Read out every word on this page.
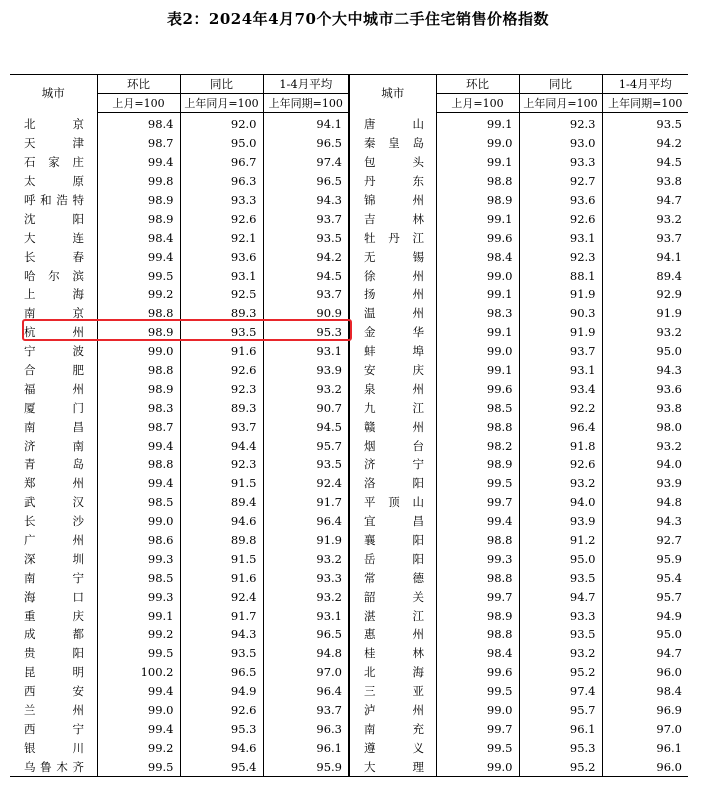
表2：2024年4月70个大中城市二手住宅销售价格指数
城市	环比	同比	1-4月平均	城市	环比	同比	1-4月平均
	上月=100	上年同月=100	上年同期=100		上月=100	上年同月=100	上年同期=100
北京	98.4	92.0	94.1	唐山	99.1	92.3	93.5
天津	98.7	95.0	96.5	秦皇岛	99.0	93.0	94.2
石家庄	99.4	96.7	97.4	包头	99.1	93.3	94.5
太原	99.8	96.3	96.5	丹东	98.8	92.7	93.8
呼和浩特	98.9	93.3	94.3	锦州	98.9	93.6	94.7
沈阳	98.9	92.6	93.7	吉林	99.1	92.6	93.2
大连	98.4	92.1	93.5	牡丹江	99.6	93.1	93.7
长春	99.4	93.6	94.2	无锡	98.4	92.3	94.1
哈尔滨	99.5	93.1	94.5	徐州	99.0	88.1	89.4
上海	99.2	92.5	93.7	扬州	99.1	91.9	92.9
南京	98.8	89.3	90.9	温州	98.3	90.3	91.9
杭州	98.9	93.5	95.3	金华	99.1	91.9	93.2
宁波	99.0	91.6	93.1	蚌埠	99.0	93.7	95.0
合肥	98.8	92.6	93.9	安庆	99.1	93.1	94.3
福州	98.9	92.3	93.2	泉州	99.6	93.4	93.6
厦门	98.3	89.3	90.7	九江	98.5	92.2	93.8
南昌	98.7	93.7	94.5	赣州	98.8	96.4	98.0
济南	99.4	94.4	95.7	烟台	98.2	91.8	93.2
青岛	98.8	92.3	93.5	济宁	98.9	92.6	94.0
郑州	99.4	91.5	92.4	洛阳	99.5	93.2	93.9
武汉	98.5	89.4	91.7	平顶山	99.7	94.0	94.8
长沙	99.0	94.6	96.4	宜昌	99.4	93.9	94.3
广州	98.6	89.8	91.9	襄阳	98.8	91.2	92.7
深圳	99.3	91.5	93.2	岳阳	99.3	95.0	95.9
南宁	98.5	91.6	93.3	常德	98.8	93.5	95.4
海口	99.3	92.4	93.2	韶关	99.7	94.7	95.7
重庆	99.1	91.7	93.1	湛江	98.9	93.3	94.9
成都	99.2	94.3	96.5	惠州	98.8	93.5	95.0
贵阳	99.5	93.5	94.8	桂林	98.4	93.2	94.7
昆明	100.2	96.5	97.0	北海	99.6	95.2	96.0
西安	99.4	94.9	96.4	三亚	99.5	97.4	98.4
兰州	99.0	92.6	93.7	泸州	99.0	95.7	96.9
西宁	99.4	95.3	96.3	南充	99.7	96.1	97.0
银川	99.2	94.6	96.1	遵义	99.5	95.3	96.1
乌鲁木齐	99.5	95.4	95.9	大理	99.0	95.2	96.0
